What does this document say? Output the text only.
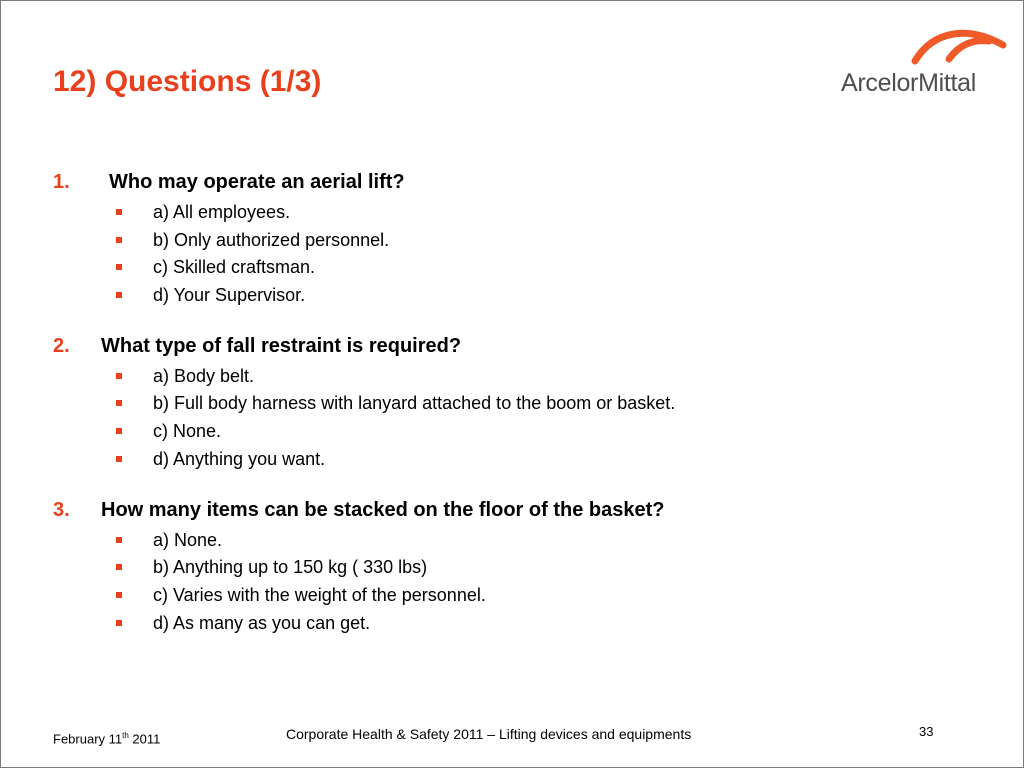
12) Questions (1/3)	ArcelorMittal
1. Who may operate an aerial lift?
a) All employees.
b) Only authorized personnel.
c) Skilled craftsman.
d) Your Supervisor.
2. What type of fall restraint is required?
a) Body belt.
b) Full body harness with lanyard attached to the boom or basket.
c) None.
d) Anything you want.
3. How many items can be stacked on the floor of the basket?
a) None.
b) Anything up to 150 kg ( 330 lbs)
c) Varies with the weight of the personnel.
d) As many as you can get.
February 11th 2011	Corporate Health & Safety 2011 – Lifting devices and equipments	33
